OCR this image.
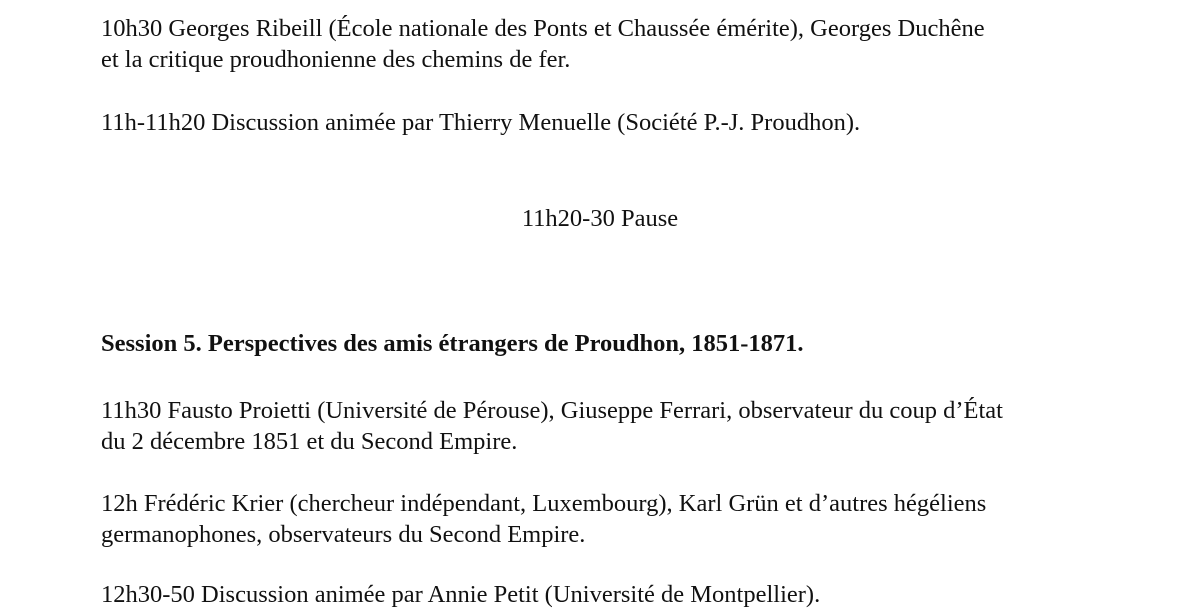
10h30 Georges Ribeill (École nationale des Ponts et Chaussée émérite), Georges Duchêne
et la critique proudhonienne des chemins de fer.

11h-11h20 Discussion animée par Thierry Menuelle (Société P.-J. Proudhon).

11h20-30 Pause

Session 5. Perspectives des amis étrangers de Proudhon, 1851-1871.

11h30 Fausto Proietti (Université de Pérouse), Giuseppe Ferrari, observateur du coup d’État
du 2 décembre 1851 et du Second Empire.

12h Frédéric Krier (chercheur indépendant, Luxembourg), Karl Grün et d’autres hégéliens
germanophones, observateurs du Second Empire.

12h30-50 Discussion animée par Annie Petit (Université de Montpellier).
